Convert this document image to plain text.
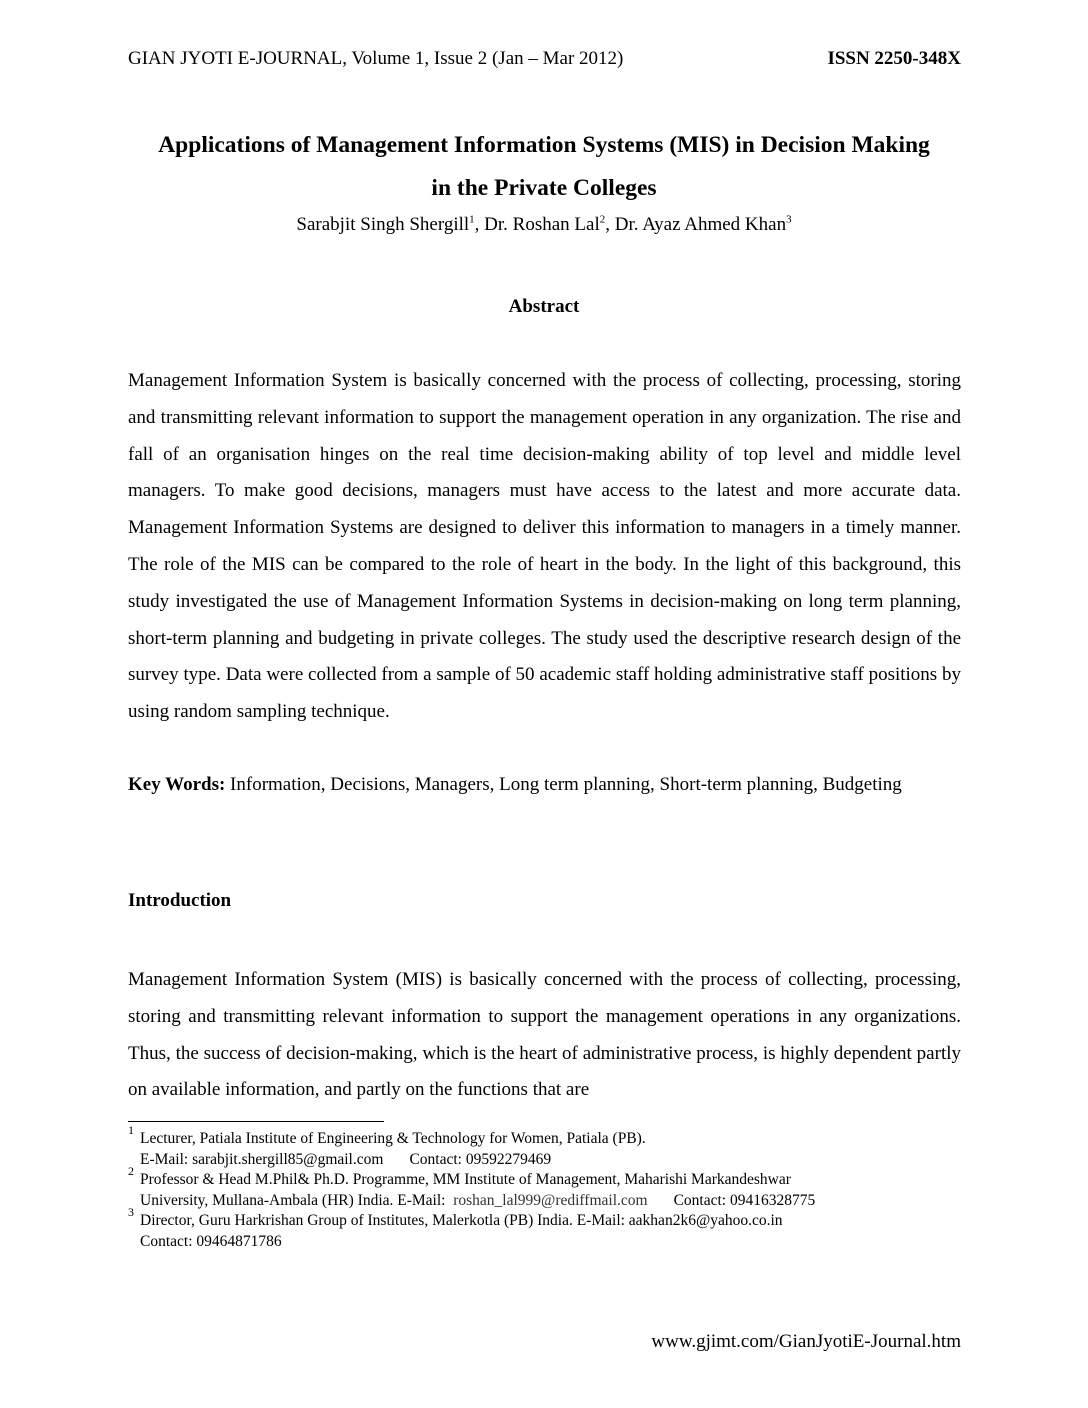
GIAN JYOTI E-JOURNAL, Volume 1, Issue 2 (Jan – Mar 2012)	ISSN 2250-348X
Applications of Management Information Systems (MIS) in Decision Making
in the Private Colleges
Sarabjit Singh Shergill$^1$, Dr. Roshan Lal$^2$, Dr. Ayaz Ahmed Khan$^3$
Abstract
Management Information System is basically concerned with the process of collecting, processing, storing and transmitting relevant information to support the management operation in any organization. The rise and fall of an organisation hinges on the real time decision-making ability of top level and middle level managers. To make good decisions, managers must have access to the latest and more accurate data. Management Information Systems are designed to deliver this information to managers in a timely manner. The role of the MIS can be compared to the role of heart in the body. In the light of this background, this study investigated the use of Management Information Systems in decision-making on long term planning, short-term planning and budgeting in private colleges. The study used the descriptive research design of the survey type. Data were collected from a sample of 50 academic staff holding administrative staff positions by using random sampling technique.
Key Words: Information, Decisions, Managers, Long term planning, Short-term planning, Budgeting
Introduction
Management Information System (MIS) is basically concerned with the process of collecting, processing, storing and transmitting relevant information to support the management operations in any organizations. Thus, the success of decision-making, which is the heart of administrative process, is highly dependent partly on available information, and partly on the functions that are
1 Lecturer, Patiala Institute of Engineering & Technology for Women, Patiala (PB).
E-Mail: sarabjit.shergill85@gmail.com Contact: 09592279469
2 Professor & Head M.Phil& Ph.D. Programme, MM Institute of Management, Maharishi Markandeshwar
University, Mullana-Ambala (HR) India. E-Mail: roshan_lal999@rediffmail.com Contact: 09416328775
3 Director, Guru Harkrishan Group of Institutes, Malerkotla (PB) India. E-Mail: aakhan2k6@yahoo.co.in
Contact: 09464871786
www.gjimt.com/GianJyotiE-Journal.htm
